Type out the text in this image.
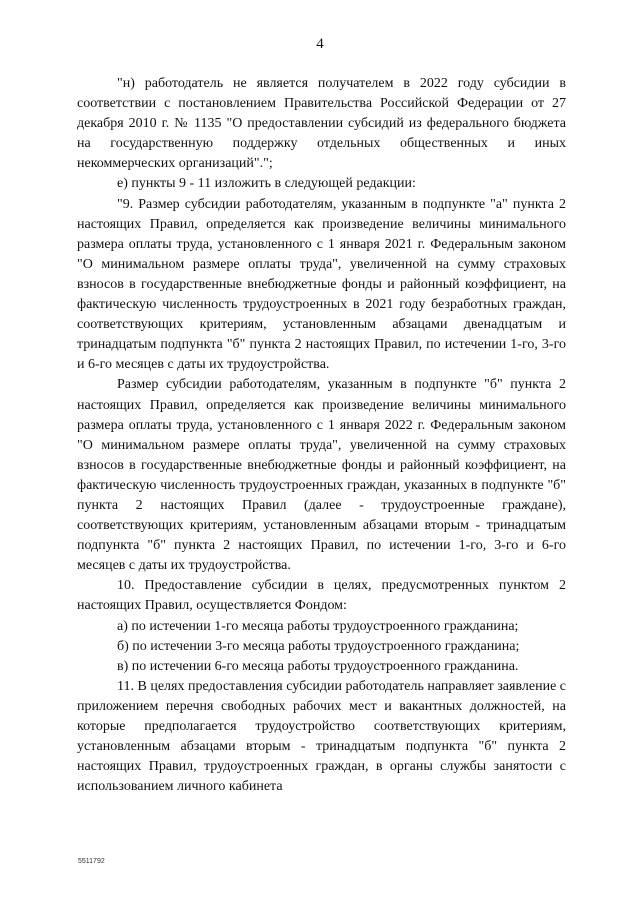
4

"н) работодатель не является получателем в 2022 году субсидии в соответствии с постановлением Правительства Российской Федерации от 27 декабря 2010 г. № 1135 "О предоставлении субсидий из федерального бюджета на государственную поддержку отдельных общественных и иных некоммерческих организаций".";

е) пункты 9 - 11 изложить в следующей редакции:

"9. Размер субсидии работодателям, указанным в подпункте "а" пункта 2 настоящих Правил, определяется как произведение величины минимального размера оплаты труда, установленного с 1 января 2021 г. Федеральным законом "О минимальном размере оплаты труда", увеличенной на сумму страховых взносов в государственные внебюджетные фонды и районный коэффициент, на фактическую численность трудоустроенных в 2021 году безработных граждан, соответствующих критериям, установленным абзацами двенадцатым и тринадцатым подпункта "б" пункта 2 настоящих Правил, по истечении 1-го, 3-го и 6-го месяцев с даты их трудоустройства.

Размер субсидии работодателям, указанным в подпункте "б" пункта 2 настоящих Правил, определяется как произведение величины минимального размера оплаты труда, установленного с 1 января 2022 г. Федеральным законом "О минимальном размере оплаты труда", увеличенной на сумму страховых взносов в государственные внебюджетные фонды и районный коэффициент, на фактическую численность трудоустроенных граждан, указанных в подпункте "б" пункта 2 настоящих Правил (далее - трудоустроенные граждане), соответствующих критериям, установленным абзацами вторым - тринадцатым подпункта "б" пункта 2 настоящих Правил, по истечении 1-го, 3-го и 6-го месяцев с даты их трудоустройства.

10. Предоставление субсидии в целях, предусмотренных пунктом 2 настоящих Правил, осуществляется Фондом:

а) по истечении 1-го месяца работы трудоустроенного гражданина;

б) по истечении 3-го месяца работы трудоустроенного гражданина;

в) по истечении 6-го месяца работы трудоустроенного гражданина.

11. В целях предоставления субсидии работодатель направляет заявление с приложением перечня свободных рабочих мест и вакантных должностей, на которые предполагается трудоустройство соответствующих критериям, установленным абзацами вторым - тринадцатым подпункта "б" пункта 2 настоящих Правил, трудоустроенных граждан, в органы службы занятости с использованием личного кабинета

5511792
